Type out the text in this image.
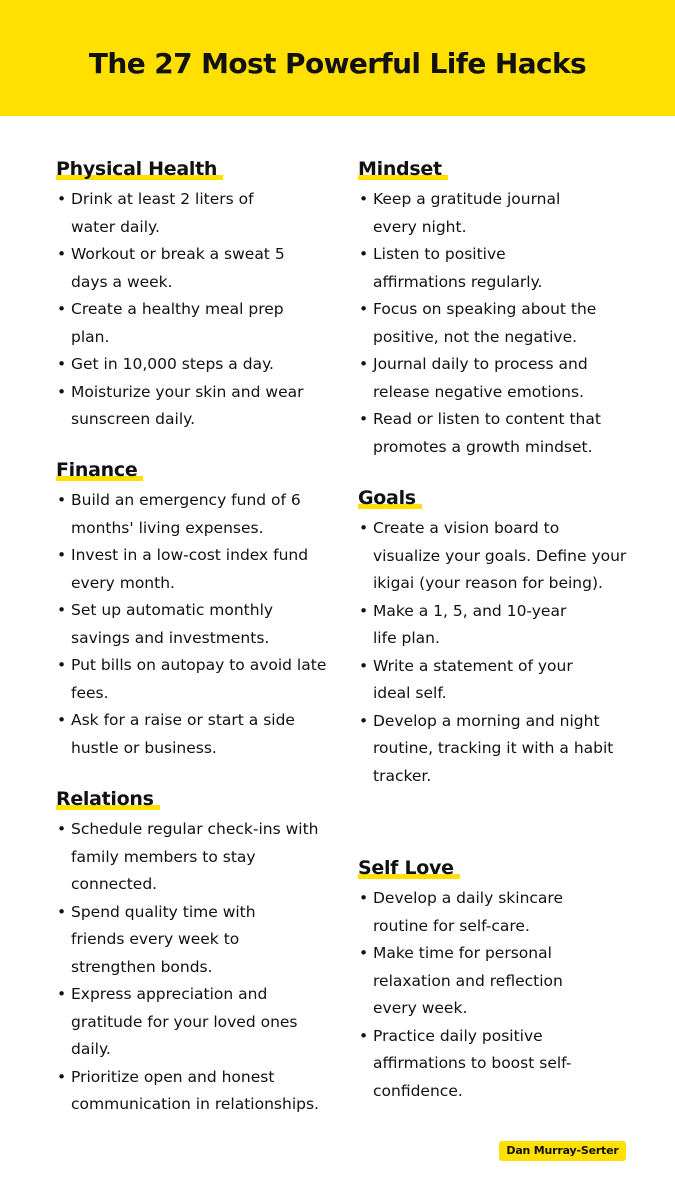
The 27 Most Powerful Life Hacks
Physical Health
• Drink at least 2 liters of water daily.
• Workout or break a sweat 5 days a week.
• Create a healthy meal prep plan.
• Get in 10,000 steps a day.
• Moisturize your skin and wear sunscreen daily.
Finance
• Build an emergency fund of 6 months' living expenses.
• Invest in a low-cost index fund every month.
• Set up automatic monthly savings and investments.
• Put bills on autopay to avoid late fees.
• Ask for a raise or start a side hustle or business.
Relations
• Schedule regular check-ins with family members to stay connected.
• Spend quality time with friends every week to strengthen bonds.
• Express appreciation and gratitude for your loved ones daily.
• Prioritize open and honest communication in relationships.
Mindset
• Keep a gratitude journal every night.
• Listen to positive affirmations regularly.
• Focus on speaking about the positive, not the negative.
• Journal daily to process and release negative emotions.
• Read or listen to content that promotes a growth mindset.
Goals
• Create a vision board to visualize your goals. Define your ikigai (your reason for being).
• Make a 1, 5, and 10-year life plan.
• Write a statement of your ideal self.
• Develop a morning and night routine, tracking it with a habit tracker.
Self Love
• Develop a daily skincare routine for self-care.
• Make time for personal relaxation and reflection every week.
• Practice daily positive affirmations to boost self-confidence.
Dan Murray-Serter
